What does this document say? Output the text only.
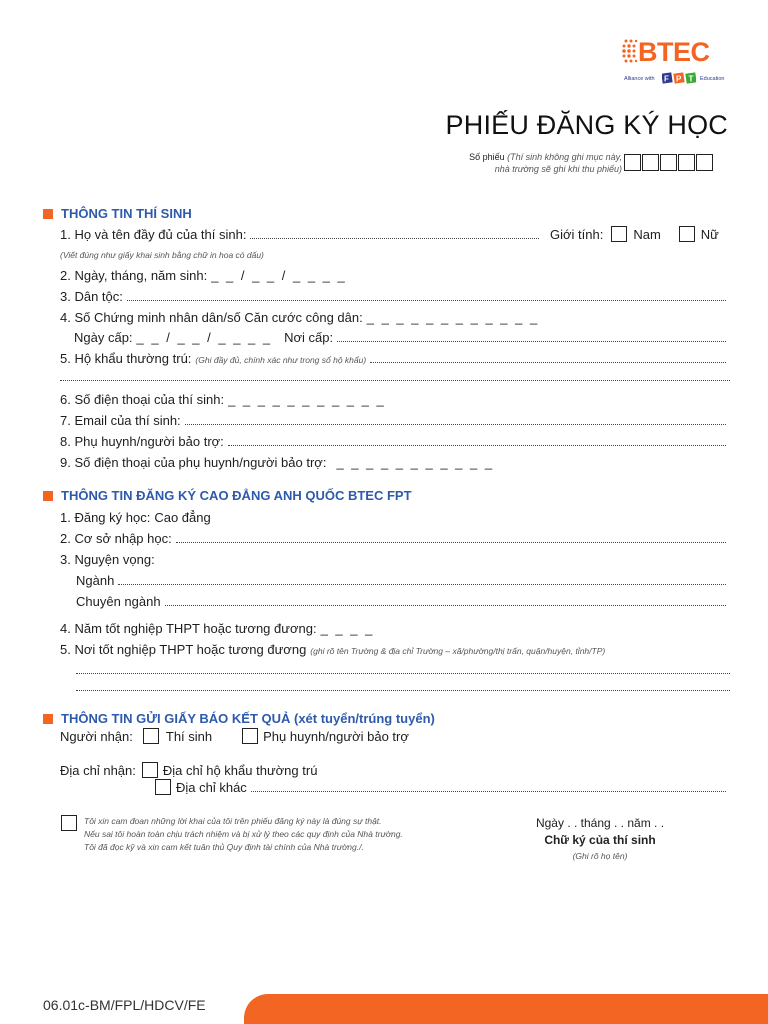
BTEC
Alliance with F P T Education
PHIẾU ĐĂNG KÝ HỌC
Số phiếu (Thí sinh không ghi mục này,
nhà trường sẽ ghi khi thu phiếu)
THÔNG TIN THÍ SINH
1. Họ và tên đầy đủ của thí sinh:	Giới tính: Nam	Nữ
(Viết đúng như giấy khai sinh bằng chữ in hoa có dấu)
2. Ngày, tháng, năm sinh: _ _ / _ _ / _ _ _ _
3. Dân tộc:
4. Số Chứng minh nhân dân/số Căn cước công dân: _ _ _ _ _ _ _ _ _ _ _ _
Ngày cấp: _ _ / _ _ / _ _ _ _ Nơi cấp:
5. Hộ khẩu thường trú: (Ghi đầy đủ, chính xác như trong sổ hộ khẩu)
6. Số điện thoại của thí sinh: _ _ _ _ _ _ _ _ _ _ _
7. Email của thí sinh:
8. Phụ huynh/người bảo trợ:
9. Số điện thoại của phụ huynh/người bảo trợ: _ _ _ _ _ _ _ _ _ _ _
THÔNG TIN ĐĂNG KÝ CAO ĐẲNG ANH QUỐC BTEC FPT
1. Đăng ký học: Cao đẳng
2. Cơ sở nhập học:
3. Nguyện vọng:
Ngành
Chuyên ngành
4. Năm tốt nghiệp THPT hoặc tương đương: _ _ _ _
5. Nơi tốt nghiệp THPT hoặc tương đương (ghi rõ tên Trường & địa chỉ Trường – xã/phường/thị trấn, quận/huyện, tỉnh/TP)
THÔNG TIN GỬI GIẤY BÁO KẾT QUẢ (xét tuyển/trúng tuyển)
Người nhận:	Thí sinh	Phụ huynh/người bảo trợ
Địa chỉ nhận: Địa chỉ hộ khẩu thường trú
Địa chỉ khác
Tôi xin cam đoan những lời khai của tôi trên phiếu đăng ký này là đúng sự thật.
Nếu sai tôi hoàn toàn chịu trách nhiệm và bị xử lý theo các quy định của Nhà trường.
Tôi đã đọc kỹ và xin cam kết tuân thủ Quy định tài chính của Nhà trường./.
Ngày . . tháng . . năm . .
Chữ ký của thí sinh
(Ghi rõ họ tên)
06.01c-BM/FPL/HDCV/FE
